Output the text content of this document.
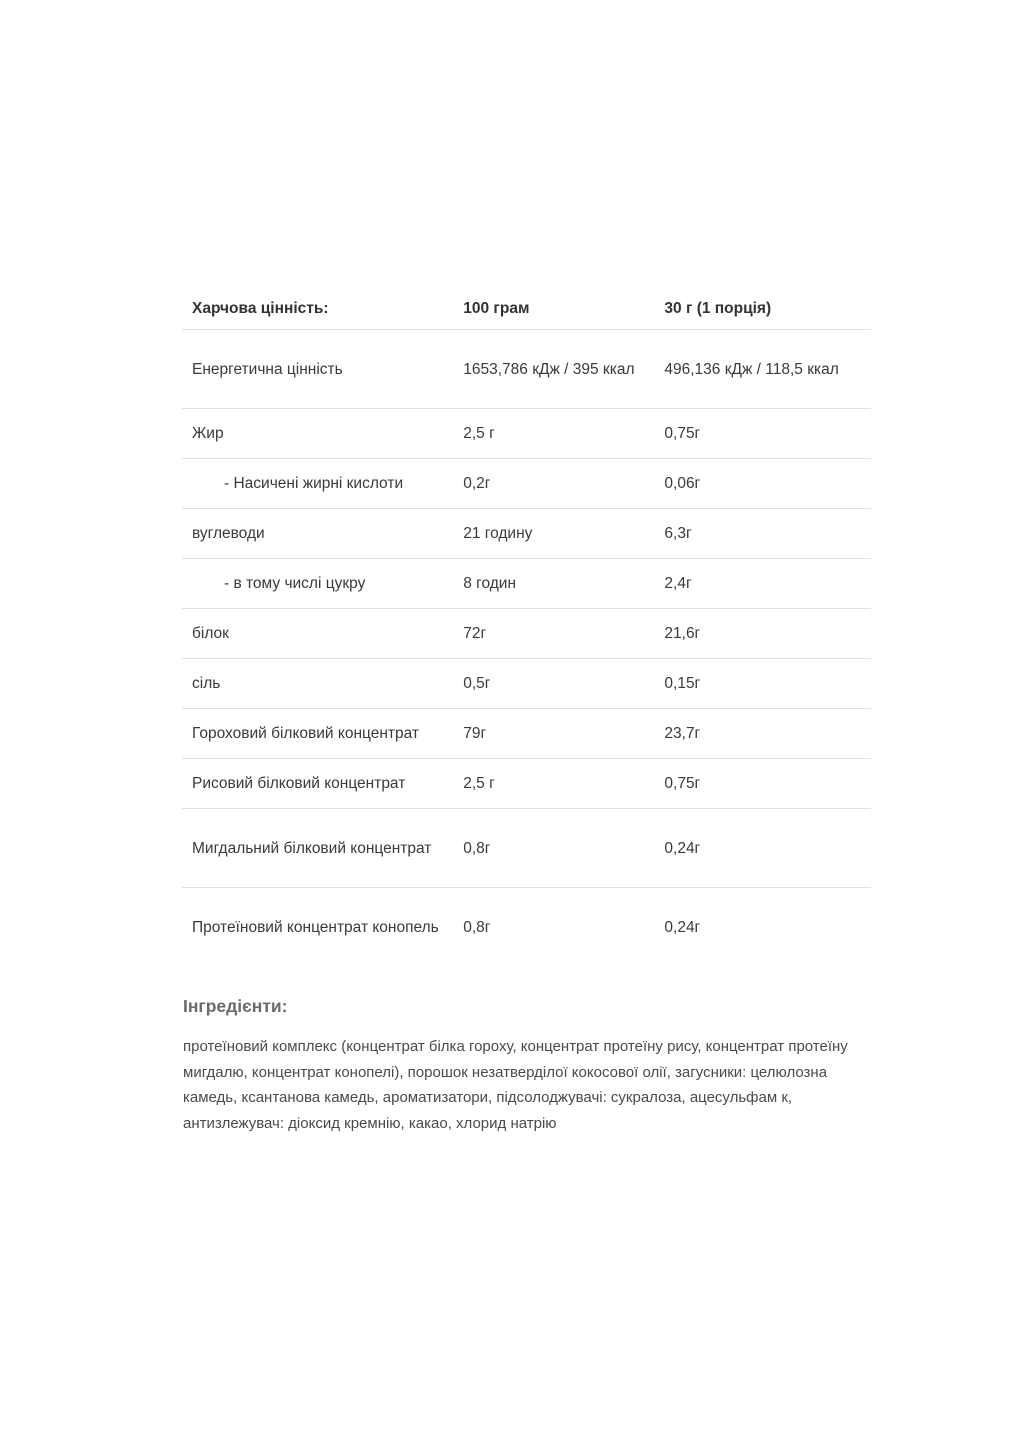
Харчова цінність:	100 грам	30 г (1 порція)
Енергетична цінність	1653,786 кДж / 395 ккал	496,136 кДж / 118,5 ккал
Жир	2,5 г	0,75г
- Насичені жирні кислоти	0,2г	0,06г
вуглеводи	21 годину	6,3г
- в тому числі цукру	8 годин	2,4г
білок	72г	21,6г
сіль	0,5г	0,15г
Гороховий білковий концентрат	79г	23,7г
Рисовий білковий концентрат	2,5 г	0,75г
Мигдальний білковий концентрат	0,8г	0,24г
Протеїновий концентрат конопель	0,8г	0,24г
Інгредієнти:

протеїновий комплекс (концентрат білка гороху, концентрат протеїну рису, концентрат протеїну мигдалю, концентрат конопелі), порошок незатвердiлої кокосової олії, загусники: целюлозна камедь, ксантанова камедь, ароматизатори, підсолоджувачі: сукралоза, ацесульфам к, антизлежувач: діоксид кремнію, какао, хлорид натрію
